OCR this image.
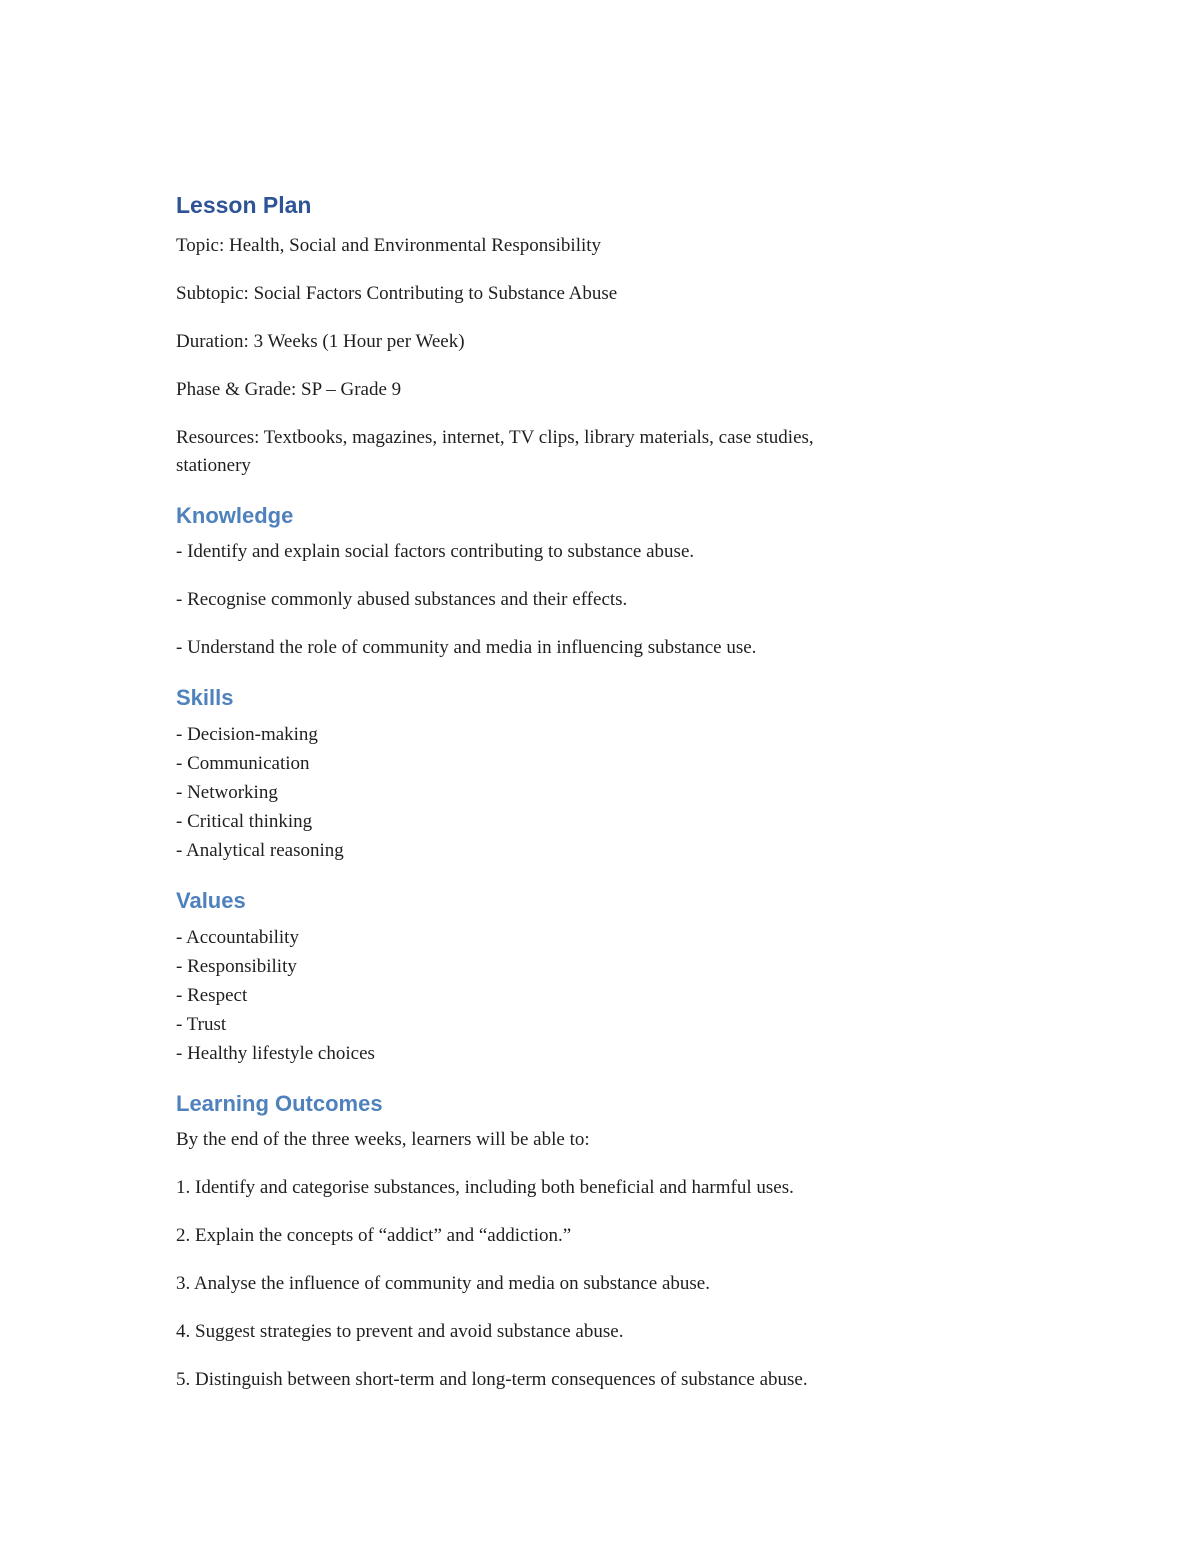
Lesson Plan

Topic: Health, Social and Environmental Responsibility

Subtopic: Social Factors Contributing to Substance Abuse

Duration: 3 Weeks (1 Hour per Week)

Phase & Grade: SP – Grade 9

Resources: Textbooks, magazines, internet, TV clips, library materials, case studies,

stationery

Knowledge

- Identify and explain social factors contributing to substance abuse.

- Recognise commonly abused substances and their effects.

- Understand the role of community and media in influencing substance use.

Skills
- Decision-making
- Communication
- Networking
- Critical thinking
- Analytical reasoning
Values
- Accountability
- Responsibility
- Respect
- Trust
- Healthy lifestyle choices
Learning Outcomes

By the end of the three weeks, learners will be able to:

1. Identify and categorise substances, including both beneficial and harmful uses.

2. Explain the concepts of “addict” and “addiction.”

3. Analyse the influence of community and media on substance abuse.

4. Suggest strategies to prevent and avoid substance abuse.

5. Distinguish between short-term and long-term consequences of substance abuse.
